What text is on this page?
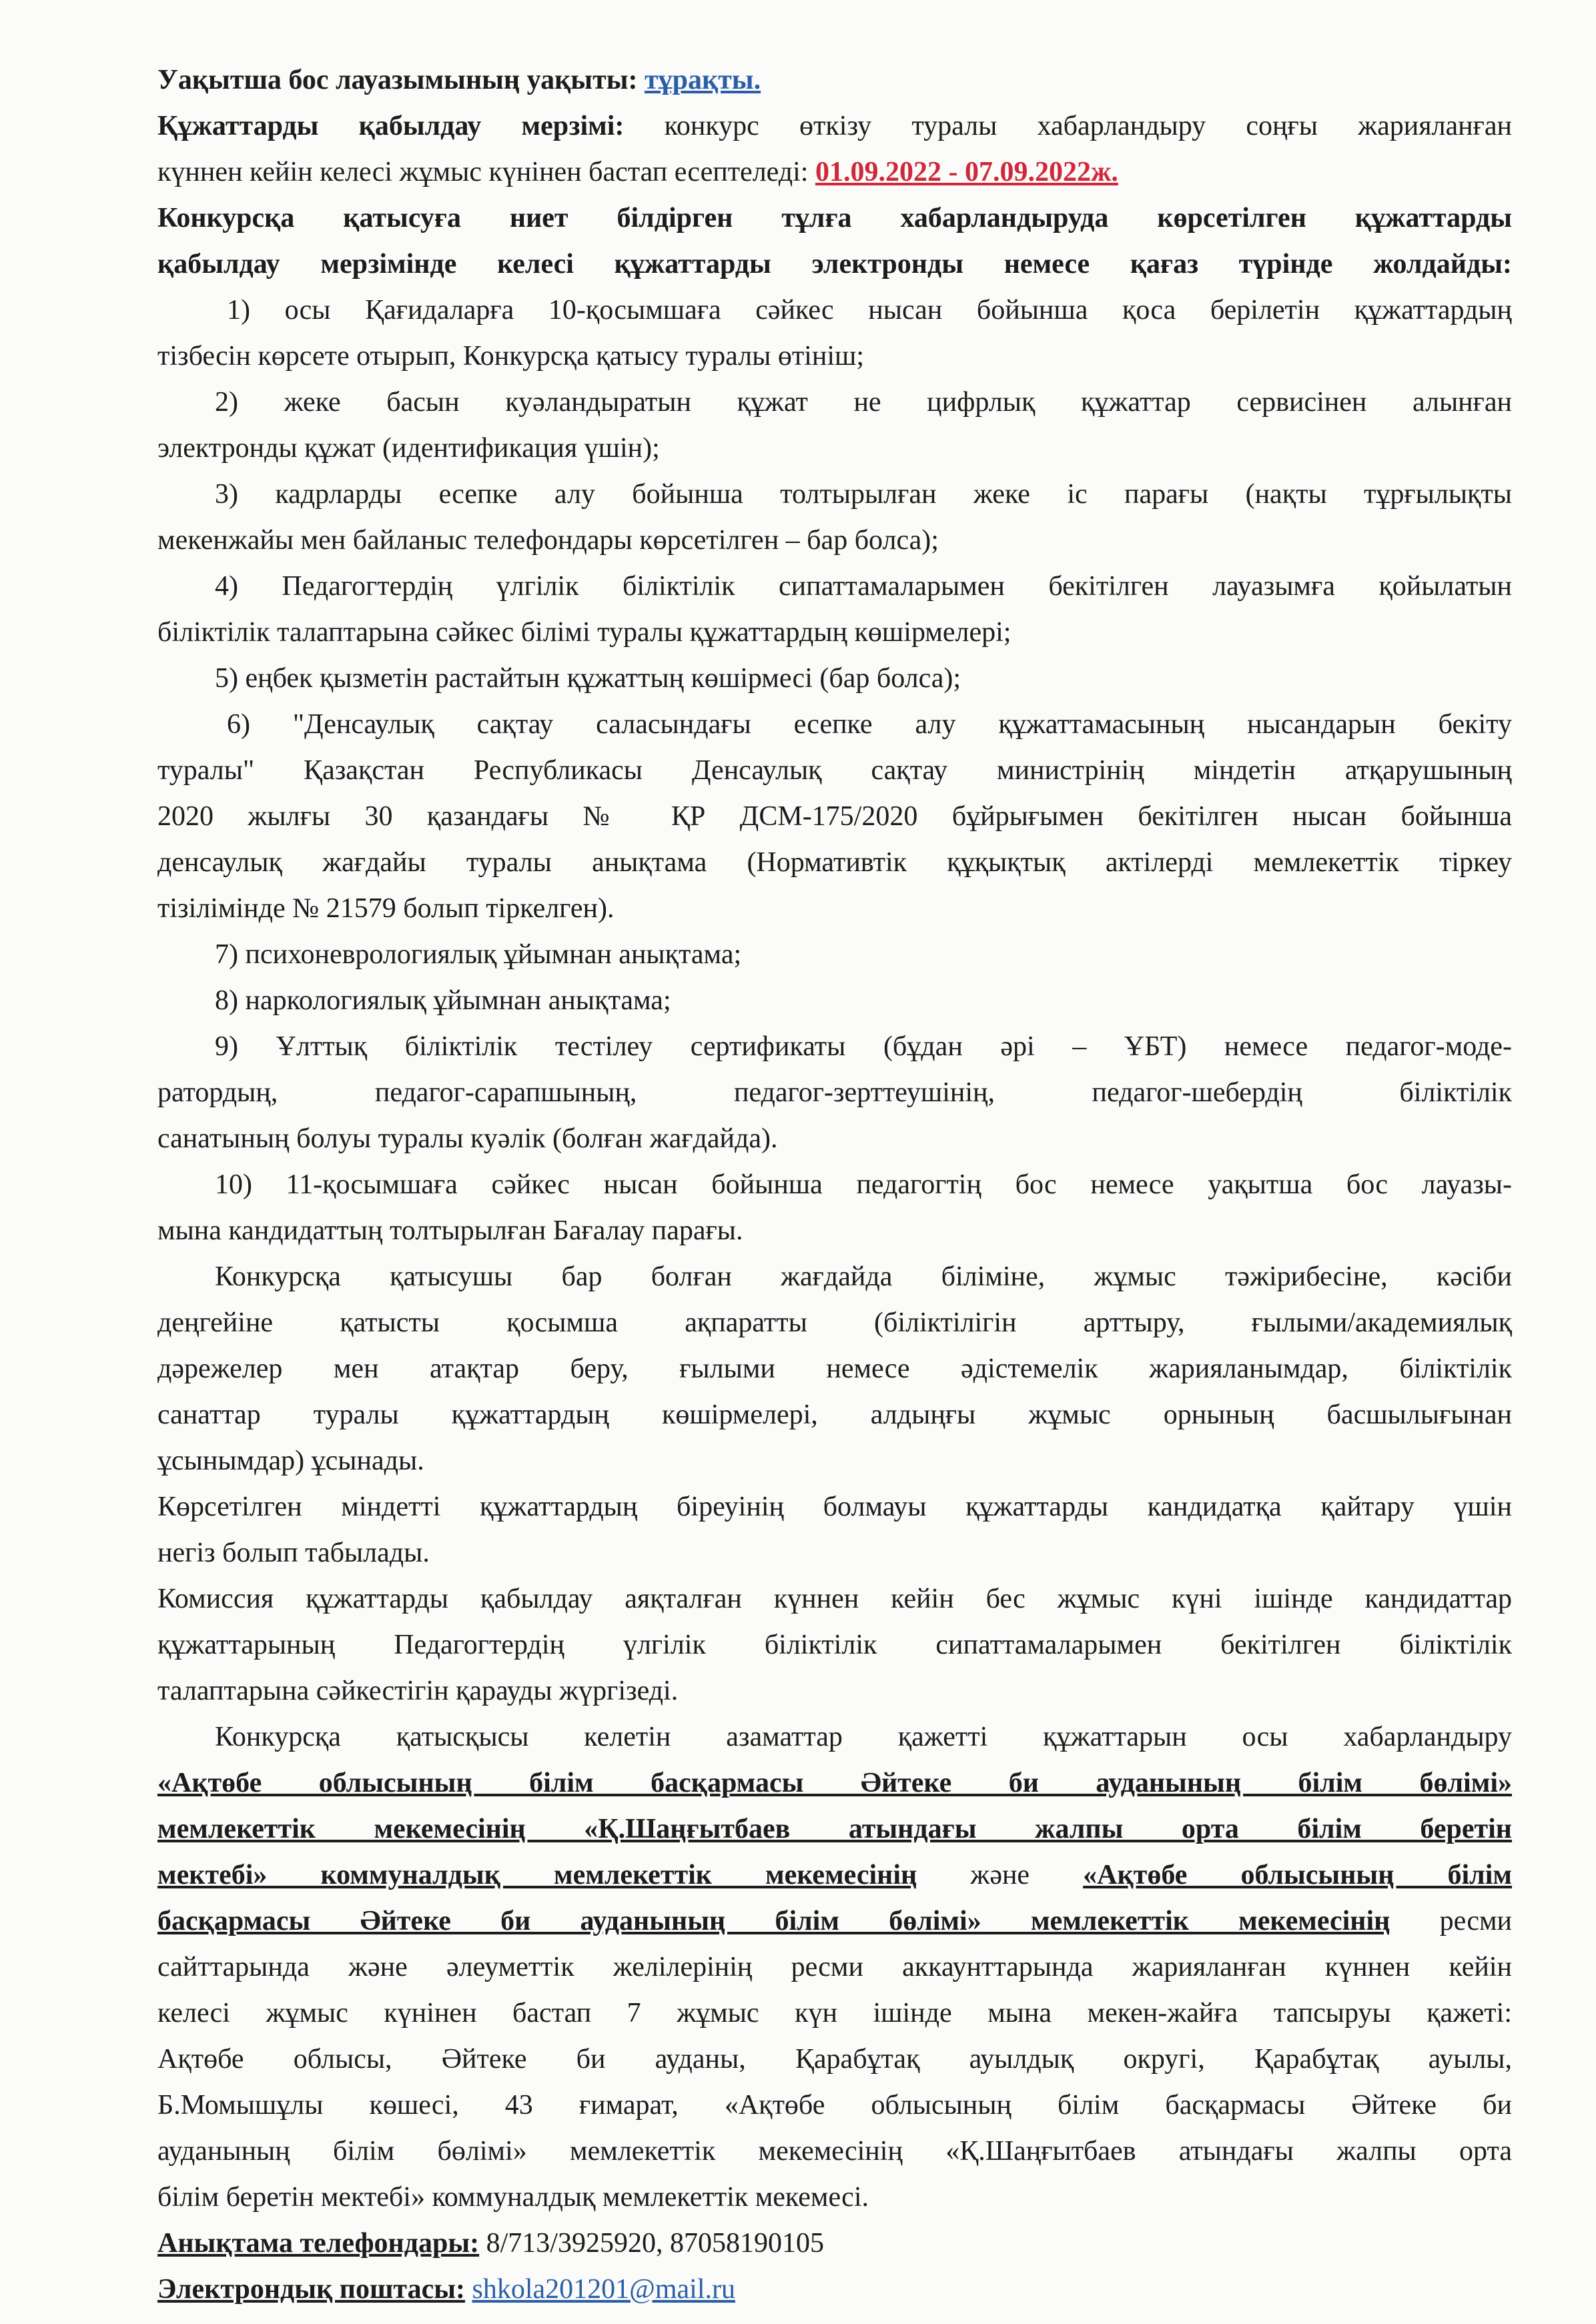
Уақытша бос лауазымының уақыты: тұрақты.
Құжаттарды қабылдау мерзімі: конкурс өткізу туралы хабарландыру соңғы жарияланған
күннен кейін келесі жұмыс күнінен бастап есептеледі: 01.09.2022 - 07.09.2022ж.
Конкурсқа қатысуға ниет білдірген тұлға хабарландыруда көрсетілген құжаттарды
қабылдау мерзімінде келесі құжаттарды электронды немесе қағаз түрінде жолдайды:
1) осы Қағидаларға 10-қосымшаға сәйкес нысан бойынша қоса берілетін құжаттардың
тізбесін көрсете отырып, Конкурсқа қатысу туралы өтініш;
2) жеке басын куәландыратын құжат не цифрлық құжаттар сервисінен алынған
электронды құжат (идентификация үшін);
3) кадрларды есепке алу бойынша толтырылған жеке іс парағы (нақты тұрғылықты
мекенжайы мен байланыс телефондары көрсетілген – бар болса);
4) Педагогтердің үлгілік біліктілік сипаттамаларымен бекітілген лауазымға қойылатын
біліктілік талаптарына сәйкес білімі туралы құжаттардың көшірмелері;
5) еңбек қызметін растайтын құжаттың көшірмесі (бар болса);
6) "Денсаулық сақтау саласындағы есепке алу құжаттамасының нысандарын бекіту
туралы" Қазақстан Республикасы Денсаулық сақтау министрінің міндетін атқарушының
2020 жылғы 30 қазандағы № ҚР ДСМ-175/2020 бұйрығымен бекітілген нысан бойынша
денсаулық жағдайы туралы анықтама (Нормативтік құқықтық актілерді мемлекеттік тіркеу
тізілімінде № 21579 болып тіркелген).
7) психоневрологиялық ұйымнан анықтама;
8) наркологиялық ұйымнан анықтама;
9) Ұлттық біліктілік тестілеу сертификаты (бұдан әрі – ҰБТ) немесе педагог-моде-
ратордың, педагог-сарапшының, педагог-зерттеушінің, педагог-шебердің біліктілік
санатының болуы туралы куәлік (болған жағдайда).
10) 11-қосымшаға сәйкес нысан бойынша педагогтің бос немесе уақытша бос лауазы-
мына кандидаттың толтырылған Бағалау парағы.
Конкурсқа қатысушы бар болған жағдайда біліміне, жұмыс тәжірибесіне, кәсіби
деңгейіне қатысты қосымша ақпаратты (біліктілігін арттыру, ғылыми/академиялық
дәрежелер мен атақтар беру, ғылыми немесе әдістемелік жарияланымдар, біліктілік
санаттар туралы құжаттардың көшірмелері, алдыңғы жұмыс орнының басшылығынан
ұсынымдар) ұсынады.
Көрсетілген міндетті құжаттардың біреуінің болмауы құжаттарды кандидатқа қайтару үшін
негіз болып табылады.
Комиссия құжаттарды қабылдау аяқталған күннен кейін бес жұмыс күні ішінде кандидаттар
құжаттарының Педагогтердің үлгілік біліктілік сипаттамаларымен бекітілген біліктілік
талаптарына сәйкестігін қарауды жүргізеді.
Конкурсқа қатысқысы келетін азаматтар қажетті құжаттарын осы хабарландыру
«Ақтөбе облысының білім басқармасы Әйтеке би ауданының білім бөлімі»
мемлекеттік мекемесінің «Қ.Шаңғытбаев атындағы жалпы орта білім беретін
мектебі» коммуналдық мемлекеттік мекемесінің және «Ақтөбе облысының білім
басқармасы Әйтеке би ауданының білім бөлімі» мемлекеттік мекемесінің ресми
сайттарында және әлеуметтік желілерінің ресми аккаунттарында жарияланған күннен кейін
келесі жұмыс күнінен бастап 7 жұмыс күн ішінде мына мекен-жайға тапсыруы қажеті:
Ақтөбе облысы, Әйтеке би ауданы, Қарабұтақ ауылдық округі, Қарабұтақ ауылы,
Б.Момышұлы көшесі, 43 ғимарат, «Ақтөбе облысының білім басқармасы Әйтеке би
ауданының білім бөлімі» мемлекеттік мекемесінің «Қ.Шаңғытбаев атындағы жалпы орта
білім беретін мектебі» коммуналдық мемлекеттік мекемесі.
Анықтама телефондары: 8/713/3925920, 87058190105
Электрондық поштасы: shkola201201@mail.ru
